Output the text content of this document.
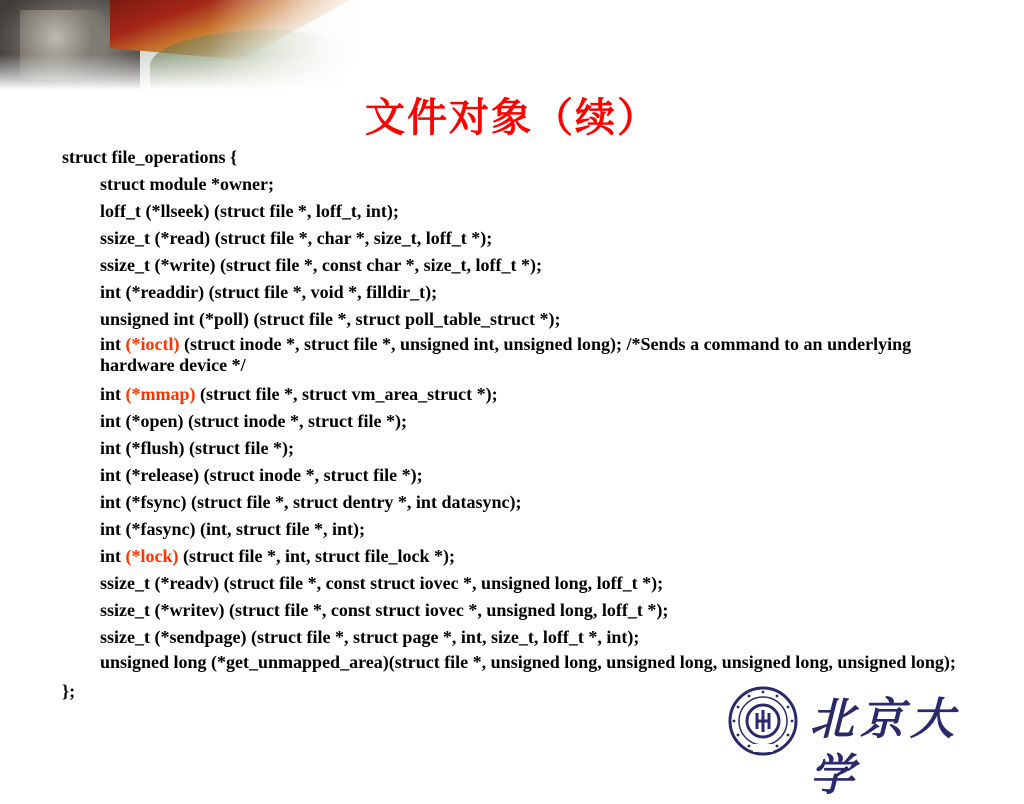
文件对象（续）
struct file_operations {
struct module *owner;
loff_t (*llseek) (struct file *, loff_t, int);
ssize_t (*read) (struct file *, char *, size_t, loff_t *);
ssize_t (*write) (struct file *, const char *, size_t, loff_t *);
int (*readdir) (struct file *, void *, filldir_t);
unsigned int (*poll) (struct file *, struct poll_table_struct *);
int (*ioctl) (struct inode *, struct file *, unsigned int, unsigned long); /*Sends a command to an underlying hardware device */
int (*mmap) (struct file *, struct vm_area_struct *);
int (*open) (struct inode *, struct file *);
int (*flush) (struct file *);
int (*release) (struct inode *, struct file *);
int (*fsync) (struct file *, struct dentry *, int datasync);
int (*fasync) (int, struct file *, int);
int (*lock) (struct file *, int, struct file_lock *);
ssize_t (*readv) (struct file *, const struct iovec *, unsigned long, loff_t *);
ssize_t (*writev) (struct file *, const struct iovec *, unsigned long, loff_t *);
ssize_t (*sendpage) (struct file *, struct page *, int, size_t, loff_t *, int);
unsigned long (*get_unmapped_area)(struct file *, unsigned long, unsigned long, unsigned long, unsigned long);
};
北京大学
